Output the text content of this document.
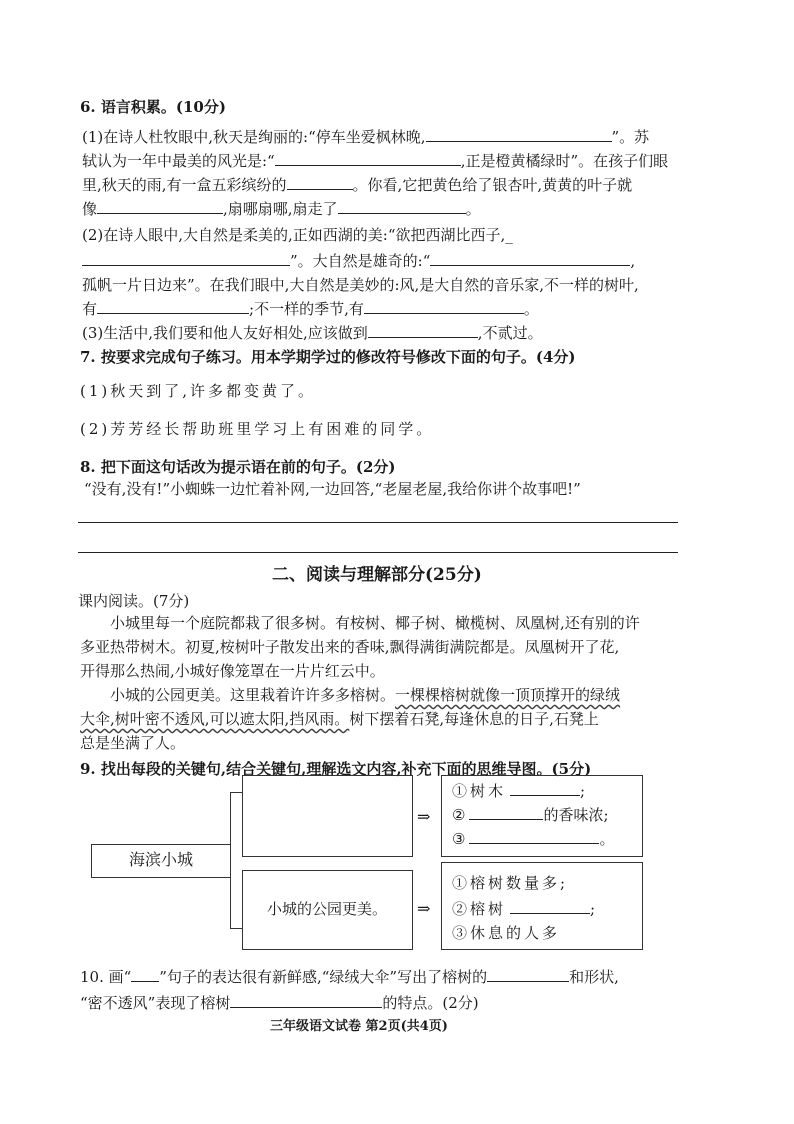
6. 语言积累。(10分)
(1)在诗人杜牧眼中,秋天是绚丽的:“停车坐爱枫林晚,	”。苏
轼认为一年中最美的风光是:“	,正是橙黄橘绿时”。在孩子们眼
里,秋天的雨,有一盒五彩缤纷的	。你看,它把黄色给了银杏叶,黄黄的叶子就
像	,扇哪扇哪,扇走了	。
(2)在诗人眼中,大自然是柔美的,正如西湖的美:“欲把西湖比西子,_
”。大自然是雄奇的:“	,
孤帆一片日边来”。在我们眼中,大自然是美妙的:风,是大自然的音乐家,不一样的树叶,
有	;不一样的季节,有	。
(3)生活中,我们要和他人友好相处,应该做到	,不贰过。
7. 按要求完成句子练习。用本学期学过的修改符号修改下面的句子。(4分)
(1)秋天到了,许多都变黄了。
(2)芳芳经长帮助班里学习上有困难的同学。
8. 把下面这句话改为提示语在前的句子。(2分)
“没有,没有!”小蜘蛛一边忙着补网,一边回答,“老屋老屋,我给你讲个故事吧!”
二、阅读与理解部分(25分)
课内阅读。(7分)
小城里每一个庭院都栽了很多树。有桉树、椰子树、橄榄树、凤凰树,还有别的许
多亚热带树木。初夏,桉树叶子散发出来的香味,飘得满街满院都是。凤凰树开了花,
开得那么热闹,小城好像笼罩在一片片红云中。
小城的公园更美。这里栽着许许多多榕树。一棵棵榕树就像一顶顶撑开的绿绒
大伞,树叶密不透风,可以遮太阳,挡风雨。树下摆着石凳,每逢休息的日子,石凳上
总是坐满了人。
9. 找出每段的关键句,结合关键句,理解选文内容,补充下面的思维导图。(5分)
海滨小城
小城的公园更美。
⇒
⇒
①树木	;
②	的香味浓;
③	。
①榕树数量多;
②榕树	;
③休息的人多
10. 画“ ”句子的表达很有新鲜感,“绿绒大伞”写出了榕树的	和形状,
“密不透风”表现了榕树	的特点。(2分)
三年级语文试卷 第2页(共4页)
